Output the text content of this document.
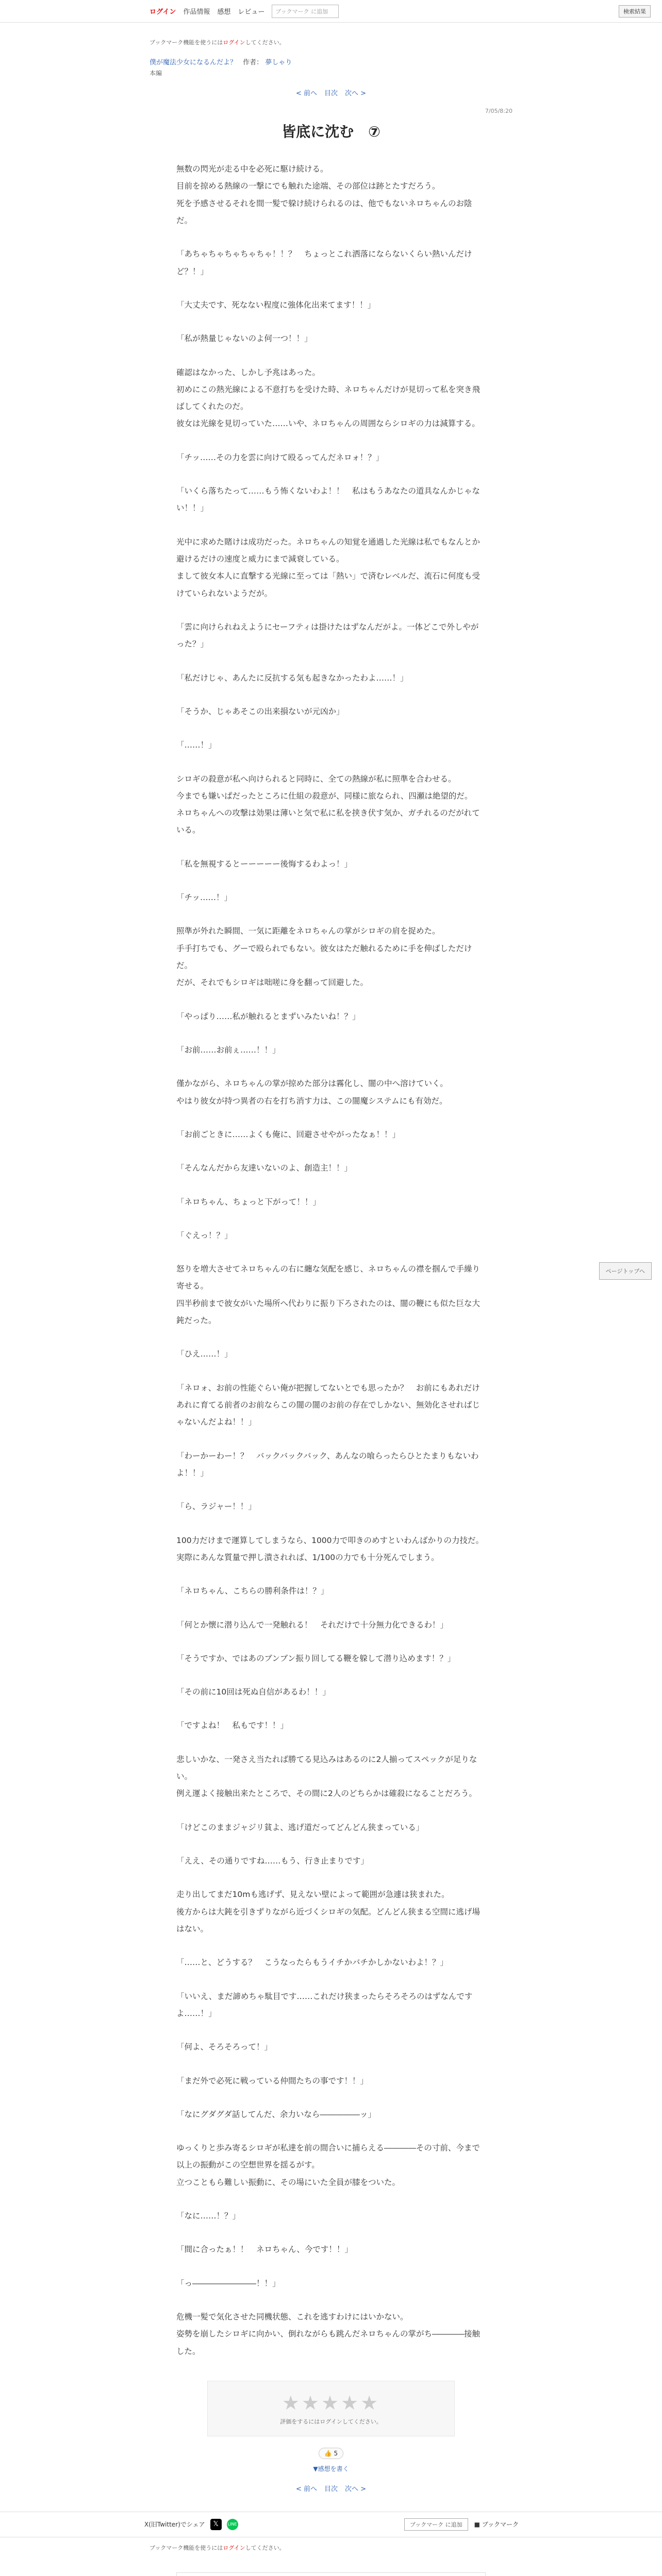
ログイン 作品情報 感想 レビュー	ブックマーク に追加	検索結果
ブックマーク機能を使うにはログインしてください。
僕が魔法少女になるんだよ？ 作者： 夢しゃり
本編
< 前へ 目次 次へ >
7/05/8:20
皆底に沈む　⑦

無数の閃光が走る中を必死に駆け続ける。
目前を掠める熱線の一撃にでも触れた途端、その部位は跡とたすだろう。
死を予感させるそれを間一髪で躱け続けられるのは、他でもないネロちゃんのお陰だ。

「あちゃちゃちゃちゃちゃ！！？　ちょっとこれ洒落にならないくらい熱いんだけど？！」

「大丈夫です、死なない程度に強体化出来てます！！」

「私が熱量じゃないのよ何一つ！！」

確認はなかった、しかし予兆はあった。
初めにこの熱光線による不意打ちを受けた時、ネロちゃんだけが見切って私を突き飛ばしてくれたのだ。
彼女は光線を見切っていた……いや、ネロちゃんの周囲ならシロギの力は減算する。

「チッ……その力を雲に向けて殴るってんだネロォ！？」

「いくら落ちたって……もう怖くないわよ！！　私はもうあなたの道具なんかじゃない！！」

光中に求めた賭けは成功だった。ネロちゃんの知覚を通過した光線は私でもなんとか避けるだけの速度と威力にまで減衰している。
まして彼女本人に直撃する光線に至っては「熱い」で済むレベルだ、流石に何度も受けていられないようだが。

「雲に向けられねえようにセーフティは掛けたはずなんだがよ。一体どこで外しやがった？」

「私だけじゃ、あんたに反抗する気も起きなかったわよ……！」

「そうか、じゃあそこの出来損ないが元凶か」

「……！」

シロギの殺意が私へ向けられると同時に、全ての熱線が私に照準を合わせる。
今までも嫌いぱだったところに仕組の殺意が、同様に旅なられ、四瀬は絶望的だ。
ネロちゃんへの攻撃は効果は薄いと気で私に私を挟き伏す気か、ガチれるのだがれている。

「私を無視するとーーーーー後悔するわよっ！」

「チッ……！」

照準が外れた瞬間、一気に距離をネロちゃんの掌がシロギの肩を捉めた。
手手打ちでも、グーで殴られでもない。彼女はただ触れるために手を伸ばしただけだ。
だが、それでもシロギは咄嗟に身を翻って回避した。

「やっぱり……私が触れるとまずいみたいね！？」

「お前……お前ぇ……！！」

僅かながら、ネロちゃんの掌が掠めた部分は霧化し、闇の中へ溶けていく。
やはり彼女が持つ異者の右を打ち消す力は、この闇魔システムにも有効だ。

「お前ごときに……よくも俺に、回避させやがったなぁ！！」

「そんなんだから友達いないのよ、創造主！！」

「ネロちゃん、ちょっと下がって！！」

「ぐえっ！？」

怒りを増大させてネロちゃんの右に纏な気配を感じ、ネロちゃんの襟を掴んで手繰り寄せる。
四半秒前まで彼女がいた場所へ代わりに振り下ろされたのは、闇の鞭にも似た巨な大鈍だった。

「ひえ……！」

「ネロォ、お前の性能ぐらい俺が把握してないとでも思ったか？　お前にもあれだけあれに育てる前者のお前ならこの闇の闇のお前の存在でしかない、無効化させればじゃないんだよね！！」

「わーかーわー！？　バックバックバック、あんなの喰らったらひとたまりもないわよ！！」

「ら、ラジャー！！」

100力だけまで運算してしまうなら、1000力で叩きのめすといわんばかりの力技だ。
実際にあんな質量で押し潰されれば、1/100の力でも十分死んでしまう。

「ネロちゃん、こちらの勝利条件は！？」

「何とか懐に潜り込んで一発触れる！　それだけで十分無力化できるわ！」

「そうですか、ではあのブンブン振り回してる鞭を躱して潜り込めます！？」

「その前に10回は死ぬ自信があるわ！！」

「ですよね！　私もです！！」

悲しいかな、一発さえ当たれば勝てる見込みはあるのに2人揃ってスペックが足りない。
例え運よく接触出来たところで、その間に2人のどちらかは確殺になることだろう。

「けどこのままジャジリ貧よ、逃げ道だってどんどん狭まっている」

「ええ、その通りですね……もう、行き止まりです」

走り出してまだ10mも逃げず、見えない壁によって範囲が急遽は狭まれた。
後方からは大鈍を引きずりながら近づくシロギの気配。どんどん狭まる空間に逃げ場はない。

「……と、どうする？　こうなったらもうイチかバチかしかないわよ！？」

「いいえ、まだ諦めちゃ駄目です……これだけ狭まったらそろそろのはずなんですよ……！」

「何よ、そろそろって！」

「まだ外で必死に戦っている仲間たちの事です！！」

「なにグダグダ話してんだ、余力いなら―――――ッ」

ゆっくりと歩み寄るシロギが私達を前の間合いに捕らえる――――その寸前、今まで以上の振動がこの空想世界を揺るがす。
立つこともら難しい振動に、その場にいた全員が膝をついた。

「なに……！？」

「間に合ったぁ！！　ネロちゃん、今です！！」

「っ――――――――！！」

危機一髪で気化させた同機状態、これを逃すわけにはいかない。
姿勢を崩したシロギに向かい、倒れながらも跳んだネロちゃんの掌がち――――接触した。

★★★★★
評価をするにはログインしてください。
👍 5
▼感想を書く
< 前へ 目次 次へ >
X(旧Twitter)でシェア	𝕏	LINE	ブックマーク に追加	■ ブックマーク
ブックマーク機能を使うにはログインしてください。

ページトップへ
